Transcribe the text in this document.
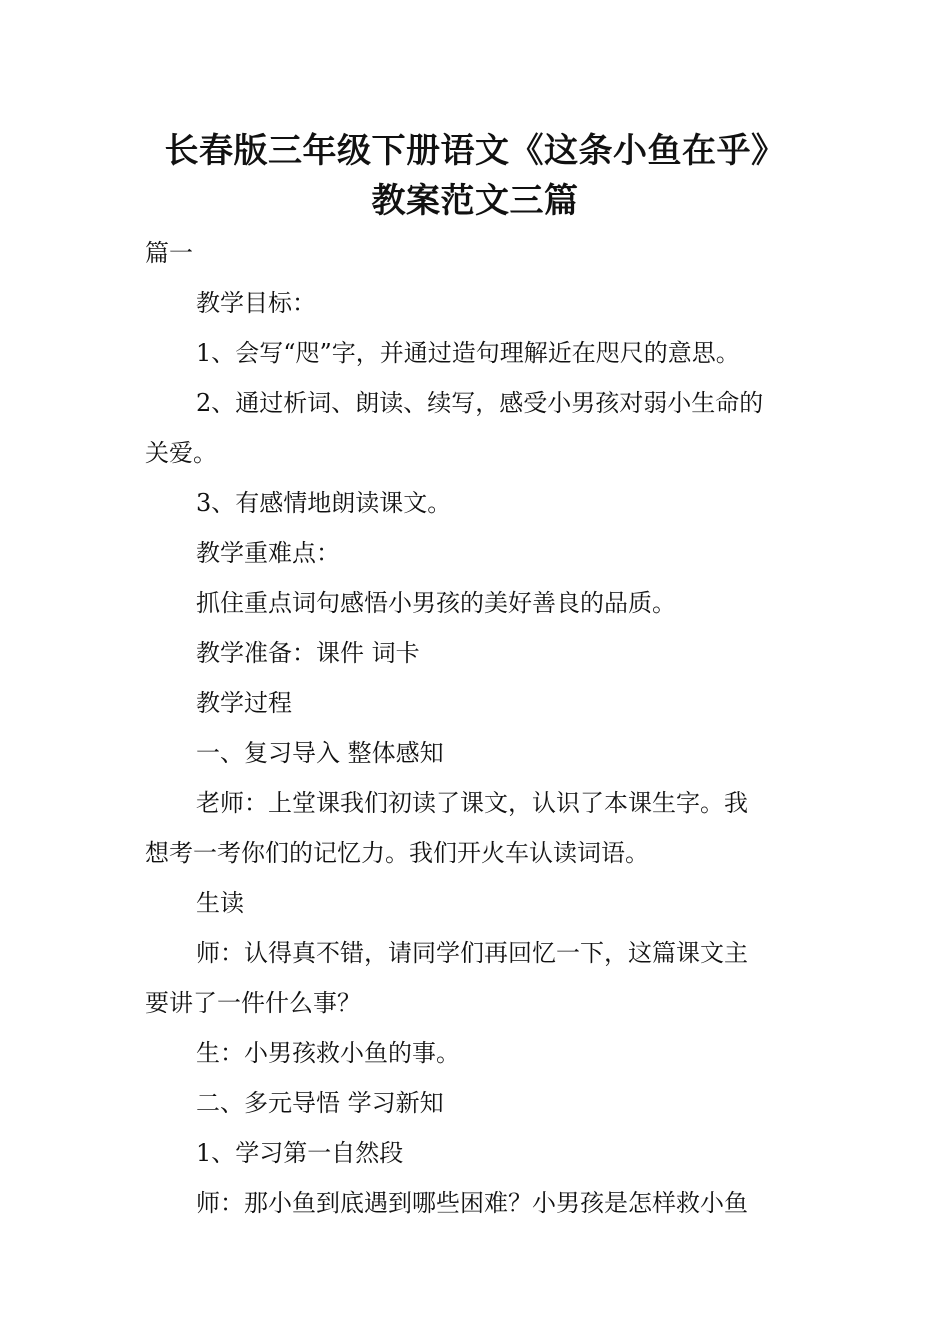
长春版三年级下册语文《这条小鱼在乎》
教案范文三篇
篇一
教学目标：
1、会写“咫”字，并通过造句理解近在咫尺的意思。
2、通过析词、朗读、续写，感受小男孩对弱小生命的
关爱。
3、有感情地朗读课文。
教学重难点：
抓住重点词句感悟小男孩的美好善良的品质。
教学准备：课件 词卡
教学过程
一、复习导入 整体感知
老师：上堂课我们初读了课文，认识了本课生字。我
想考一考你们的记忆力。我们开火车认读词语。
生读
师：认得真不错，请同学们再回忆一下，这篇课文主
要讲了一件什么事？
生：小男孩救小鱼的事。
二、多元导悟 学习新知
1、学习第一自然段
师：那小鱼到底遇到哪些困难？小男孩是怎样救小鱼
